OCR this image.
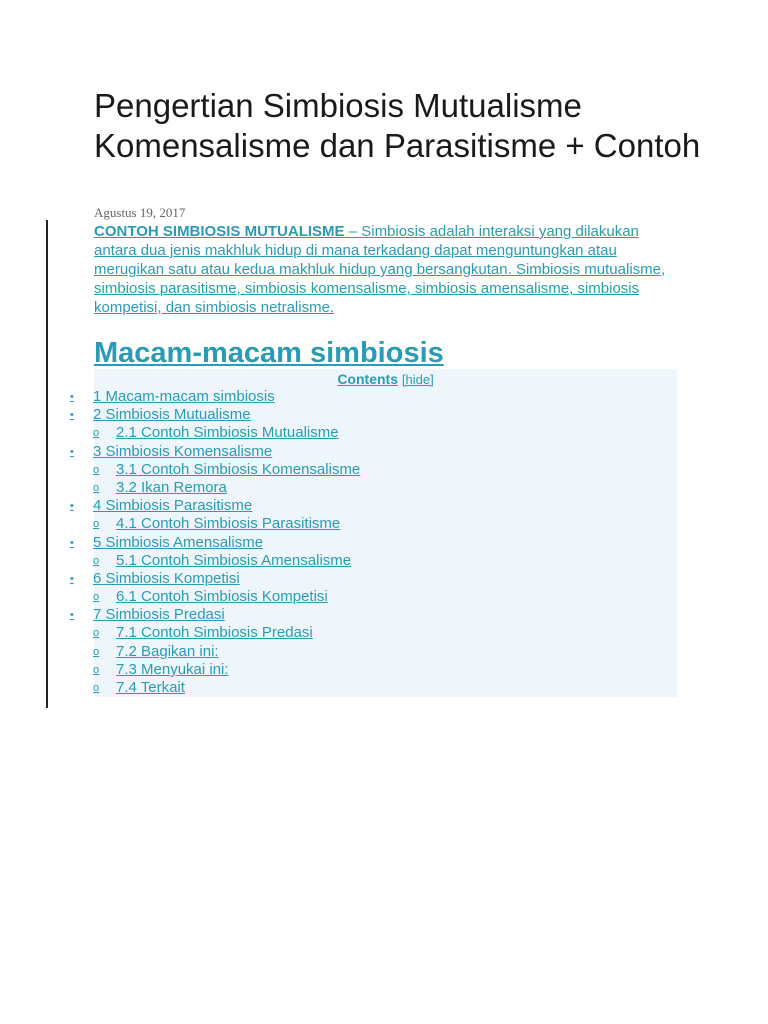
Pengertian Simbiosis Mutualisme Komensalisme dan Parasitisme + Contoh
Agustus 19, 2017
CONTOH SIMBIOSIS MUTUALISME – Simbiosis adalah interaksi yang dilakukan antara dua jenis makhluk hidup di mana terkadang dapat menguntungkan atau merugikan satu atau kedua makhluk hidup yang bersangkutan. Simbiosis mutualisme, simbiosis parasitisme, simbiosis komensalisme, simbiosis amensalisme, simbiosis kompetisi, dan simbiosis netralisme.
Macam-macam simbiosis
Contents [hide]
•	1 Macam-macam simbiosis
•	2 Simbiosis Mutualisme
o	2.1 Contoh Simbiosis Mutualisme
•	3 Simbiosis Komensalisme
o	3.1 Contoh Simbiosis Komensalisme
o	3.2 Ikan Remora
•	4 Simbiosis Parasitisme
o	4.1 Contoh Simbiosis Parasitisme
•	5 Simbiosis Amensalisme
o	5.1 Contoh Simbiosis Amensalisme
•	6 Simbiosis Kompetisi
o	6.1 Contoh Simbiosis Kompetisi
•	7 Simbiosis Predasi
o	7.1 Contoh Simbiosis Predasi
o	7.2 Bagikan ini:
o	7.3 Menyukai ini:
o	7.4 Terkait
